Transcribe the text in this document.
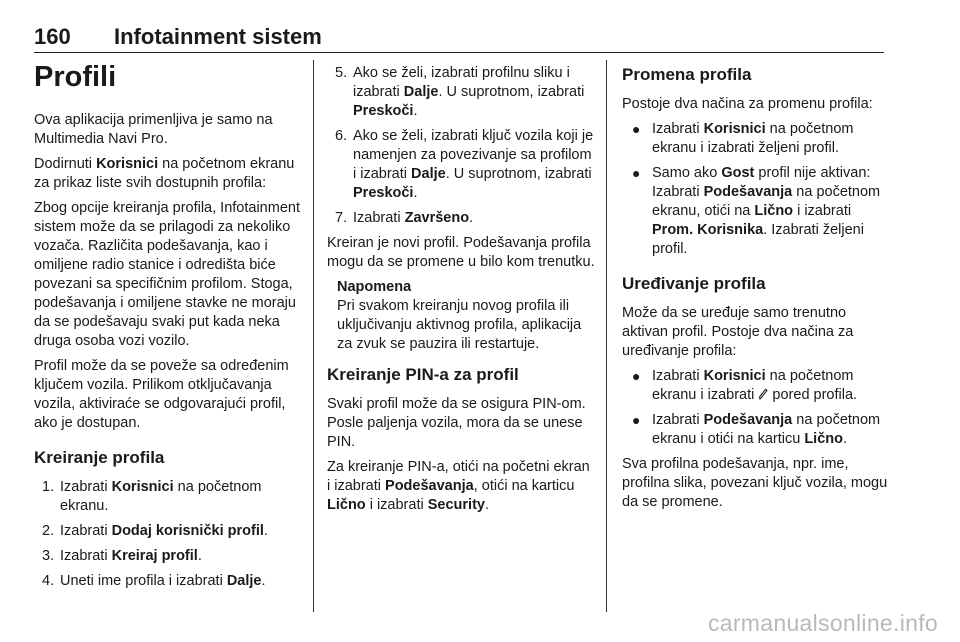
160 Infotainment sistem
Profili

Ova aplikacija primenljiva je samo na Multimedia Navi Pro.

Dodirnuti Korisnici na početnom ekranu za prikaz liste svih dostupnih profila:

Zbog opcije kreiranja profila, Infotainment sistem može da se prilagodi za nekoliko vozača. Različita podešavanja, kao i omiljene radio stanice i odredišta biće povezani sa specifičnim profilom. Stoga, podešavanja i omiljene stavke ne moraju da se podešavaju svaki put kada neka druga osoba vozi vozilo.

Profil može da se poveže sa određenim ključem vozila. Prilikom otključavanja vozila, aktiviraće se odgovarajući profil, ako je dostupan.

Kreiranje profila
1. Izabrati Korisnici na početnom ekranu.
2. Izabrati Dodaj korisnički profil.
3. Izabrati Kreiraj profil.
4. Uneti ime profila i izabrati Dalje.
5. Ako se želi, izabrati profilnu sliku i izabrati Dalje. U suprotnom, izabrati Preskoči.
6. Ako se želi, izabrati ključ vozila koji je namenjen za povezivanje sa profilom i izabrati Dalje. U suprotnom, izabrati Preskoči.
7. Izabrati Završeno.

Kreiran je novi profil. Podešavanja profila mogu da se promene u bilo kom trenutku.

Napomena

Pri svakom kreiranju novog profila ili uključivanju aktivnog profila, aplikacija za zvuk se pauzira ili restartuje.

Kreiranje PIN-a za profil

Svaki profil može da se osigura PIN-om. Posle paljenja vozila, mora da se unese PIN.

Za kreiranje PIN-a, otići na početni ekran i izabrati Podešavanja, otići na karticu Lično i izabrati Security.

Promena profila

Postoje dva načina za promenu profila:

● Izabrati Korisnici na početnom ekranu i izabrati željeni profil.
● Samo ako Gost profil nije aktivan: Izabrati Podešavanja na početnom ekranu, otići na Lično i izabrati Prom. Korisnika. Izabrati željeni profil.
Uređivanje profila

Može da se uređuje samo trenutno aktivan profil. Postoje dva načina za uređivanje profila:

● Izabrati Korisnici na početnom ekranu i izabrati  pored profila.
● Izabrati Podešavanja na početnom ekranu i otići na karticu Lično.

Sva profilna podešavanja, npr. ime, profilna slika, povezani ključ vozila, mogu da se promene.

carmanualsonline.info
